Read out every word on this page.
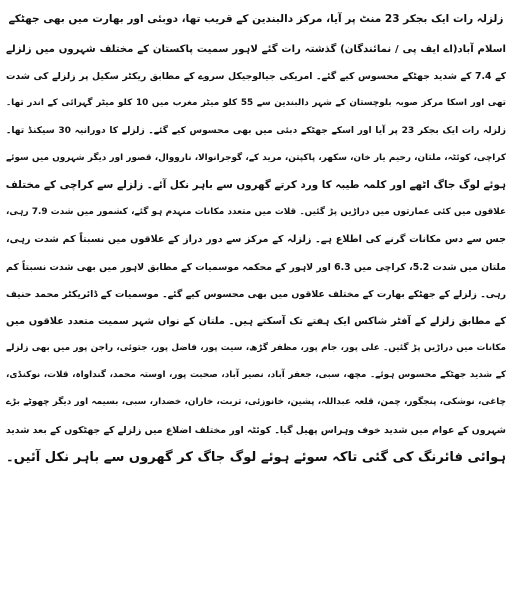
زلزلہ رات ایک بجکر 23 منٹ پر آیا، مرکز دالبندین کے قریب تھا، دوبئی اور بھارت میں بھی جھٹکے
اسلام آباد(اے ایف پی / نمائندگان) گذشتہ رات گئے لاہور سمیت پاکستان کے مختلف شہروں میں زلزلے
کے 7.4 کے شدید جھٹکے محسوس کیے گئے۔ امریکی جیالوجیکل سروے کے مطابق ریکٹر سکیل پر زلزلے کی شدت
تھی اور اسکا مرکز صوبہ بلوچستان کے شہر دالبندین سے 55 کلو میٹر مغرب میں 10 کلو میٹر گہرائی کے اندر تھا۔
زلزلہ رات ایک بجکر 23 پر آیا اور اسکے جھٹکے دبئی میں بھی محسوس کیے گئے۔ زلزلے کا دورانیہ 30 سیکنڈ تھا۔
کراچی، کوئٹہ، ملتان، رحیم یار خان، سکھر، پاکپتن، مرید کے، گوجرانوالا، نارووال، قصور اور دیگر شہروں میں سوئے
ہوئے لوگ جاگ اٹھے اور کلمہ طیبہ کا ورد کرتے گھروں سے باہر نکل آئے۔ زلزلے سے کراچی کے مختلف
علاقوں میں کئی عمارتوں میں دراڑیں پڑ گئیں۔ قلات میں متعدد مکانات منہدم ہو گئے، کشمور میں شدت 7.9 رہی،
جس سے دس مکانات گرنے کی اطلاع ہے۔ زلزلہ کے مرکز سے دور دراز کے علاقوں میں نسبتاً کم شدت رہی،
ملتان میں شدت 5.2، کراچی میں 6.3 اور لاہور کے محکمہ موسمیات کے مطابق لاہور میں بھی شدت نسبتاً کم
رہی۔ زلزلے کے جھٹکے بھارت کے مختلف علاقوں میں بھی محسوس کیے گئے۔ موسمیات کے ڈائریکٹر محمد حنیف
کے مطابق زلزلے کے آفٹر شاکس ایک ہفتے تک آسکتے ہیں۔ ملتان کے نواں شہر سمیت متعدد علاقوں میں
مکانات میں دراڑیں پڑ گئیں۔ علی پور، جام پور، مظفر گڑھ، سیت پور، فاضل پور، جتوئی، راجن پور میں بھی زلزلے
کے شدید جھٹکے محسوس ہوئے۔ مچھ، سبی، جعفر آباد، نصیر آباد، صحبت پور، اوستہ محمد، گنداواہ، قلات، نوکنڈی،
چاغی، نوشکی، پنجگور، چمن، قلعہ عبداللہ، پشین، خانوزئی، تربت، خاران، خضدار، سبی، بسیمہ اور دیگر چھوٹے بڑے
شہروں کے عوام میں شدید خوف وہراس پھیل گیا۔ کوئٹہ اور مختلف اضلاع میں زلزلے کے جھٹکوں کے بعد شدید
ہوائی فائرنگ کی گئی تاکہ سوئے ہوئے لوگ جاگ کر گھروں سے باہر نکل آئیں۔
